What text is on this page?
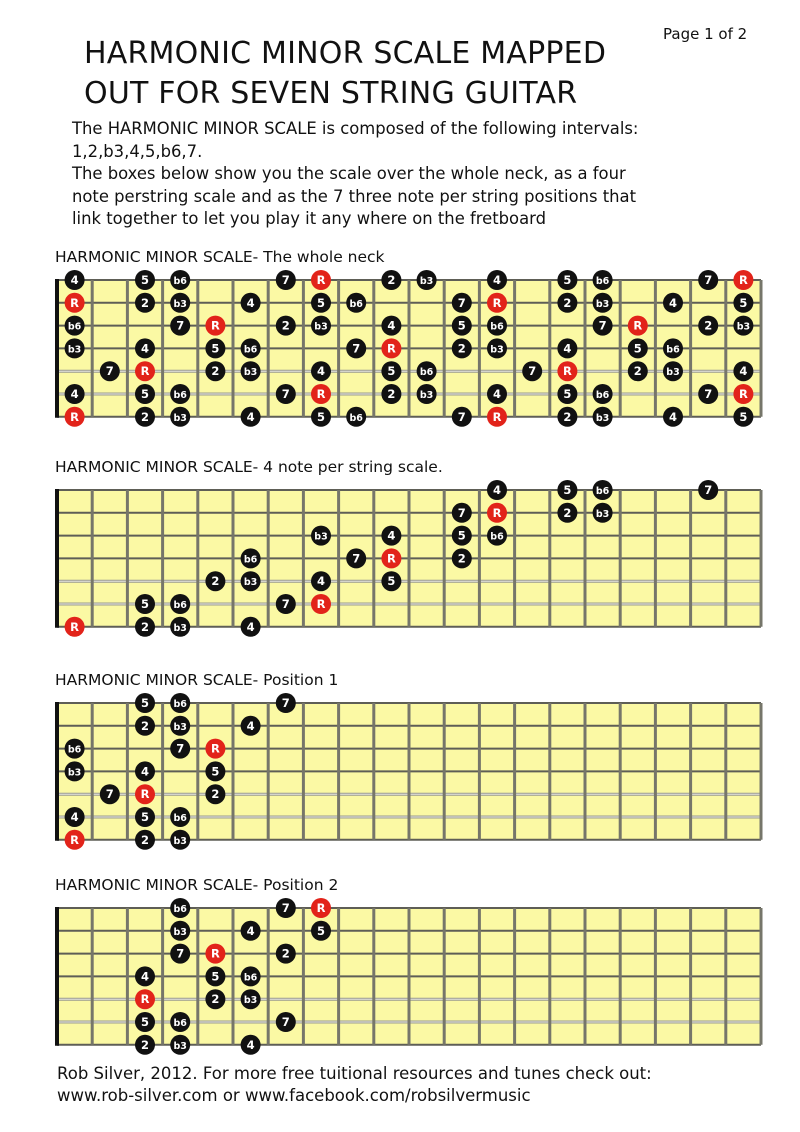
Page 1 of 2
HARMONIC MINOR SCALE MAPPED
OUT FOR SEVEN STRING GUITAR
The HARMONIC MINOR SCALE is composed of the following intervals:
1,2,b3,4,5,b6,7.
The boxes below show you the scale over the whole neck, as a four
note perstring scale and as the 7 three note per string positions that
link together to let you play it any where on the fretboard
HARMONIC MINOR SCALE- The whole neck
HARMONIC MINOR SCALE- 4 note per string scale.
HARMONIC MINOR SCALE- Position 1
HARMONIC MINOR SCALE- Position 2
4	5	b6	7 R	2	b3	4	5	b6	7 R
R	2	b3	4	5	b6	7 R	2	b3	4	5
b6	7 R	2	b3	4	5	b6	7 R	2	b3
b3	4	5	b6	7 R	2	b3	4	5	b6
7 R	2	b3	4	5	b6	7 R	2	b3	4
4	5	b6	7 R	2	b3	4	5	b6	7 R
R	2	b3	4	5	b6	7 R	2	b3	4	5
4	5	b6	7
7 R	2	b3
b3	4	5	b6
b6	7 R	2
2	b3	4	5
5	b6	7 R
R	2	b3	4
5	b6	7
2	b3	4
b6	7 R
b3	4	5
7 R	2
4	5	b6
R	2	b3
b6	7 R
b3	4	5
7 R	2
4	5	b6
R	2	b3
5	b6	7
2	b3	4
Rob Silver, 2012. For more free tuitional resources and tunes check out:
www.rob-silver.com or www.facebook.com/robsilvermusic
